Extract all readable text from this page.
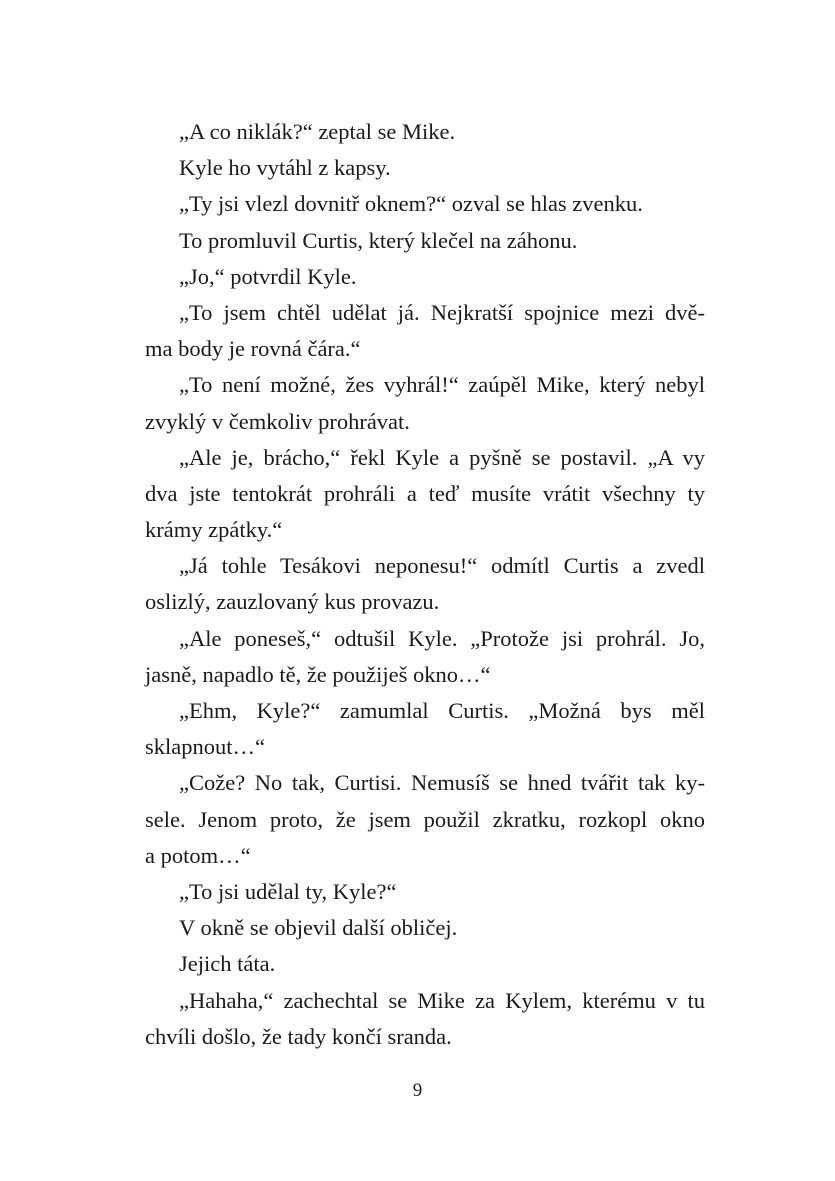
„A co niklák?“ zeptal se Mike.
Kyle ho vytáhl z kapsy.
„Ty jsi vlezl dovnitř oknem?“ ozval se hlas zvenku.
To promluvil Curtis, který klečel na záhonu.
„Jo,“ potvrdil Kyle.
„To jsem chtěl udělat já. Nejkratší spojnice mezi dvě-
ma body je rovná čára.“
„To není možné, žes vyhrál!“ zaúpěl Mike, který nebyl
zvyklý v čemkoliv prohrávat.
„Ale je, brácho,“ řekl Kyle a pyšně se postavil. „A vy
dva jste tentokrát prohráli a teď musíte vrátit všechny ty
krámy zpátky.“
„Já tohle Tesákovi neponesu!“ odmítl Curtis a zvedl
oslizlý, zauzlovaný kus provazu.
„Ale poneseš,“ odtušil Kyle. „Protože jsi prohrál. Jo,
jasně, napadlo tě, že použiješ okno…“
„Ehm, Kyle?“ zamumlal Curtis. „Možná bys měl
sklapnout…“
„Cože? No tak, Curtisi. Nemusíš se hned tvářit tak ky-
sele. Jenom proto, že jsem použil zkratku, rozkopl okno
a potom…“
„To jsi udělal ty, Kyle?“
V okně se objevil další obličej.
Jejich táta.
„Hahaha,“ zachechtal se Mike za Kylem, kterému v tu
chvíli došlo, že tady končí sranda.
9
